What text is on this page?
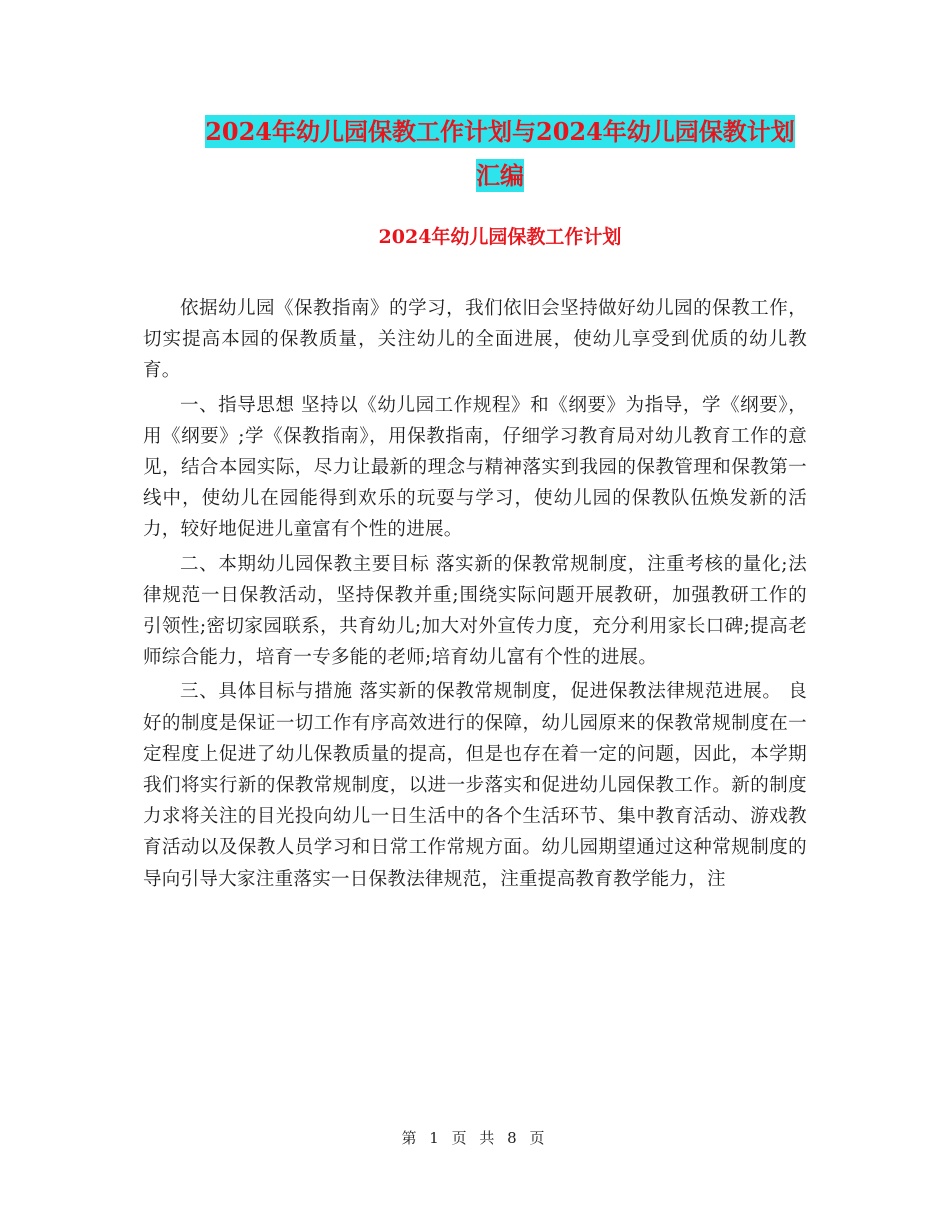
2024年幼儿园保教工作计划与2024年幼儿园保教计划
汇编
2024年幼儿园保教工作计划

依据幼儿园《保教指南》的学习，我们依旧会坚持做好幼儿园的保教工作，切实提高本园的保教质量，关注幼儿的全面进展，使幼儿享受到优质的幼儿教育。

一、指导思想 坚持以《幼儿园工作规程》和《纲要》为指导，学《纲要》，用《纲要》;学《保教指南》，用保教指南，仔细学习教育局对幼儿教育工作的意见，结合本园实际，尽力让最新的理念与精神落实到我园的保教管理和保教第一线中，使幼儿在园能得到欢乐的玩耍与学习，使幼儿园的保教队伍焕发新的活力，较好地促进儿童富有个性的进展。

二、本期幼儿园保教主要目标 落实新的保教常规制度，注重考核的量化;法律规范一日保教活动，坚持保教并重;围绕实际问题开展教研，加强教研工作的引领性;密切家园联系，共育幼儿;加大对外宣传力度，充分利用家长口碑;提高老师综合能力，培育一专多能的老师;培育幼儿富有个性的进展。

三、具体目标与措施 落实新的保教常规制度，促进保教法律规范进展。 良好的制度是保证一切工作有序高效进行的保障，幼儿园原来的保教常规制度在一定程度上促进了幼儿保教质量的提高，但是也存在着一定的问题，因此，本学期我们将实行新的保教常规制度，以进一步落实和促进幼儿园保教工作。新的制度力求将关注的目光投向幼儿一日生活中的各个生活环节、集中教育活动、游戏教育活动以及保教人员学习和日常工作常规方面。幼儿园期望通过这种常规制度的导向引导大家注重落实一日保教法律规范，注重提高教育教学能力，注

第 1 页 共 8 页
